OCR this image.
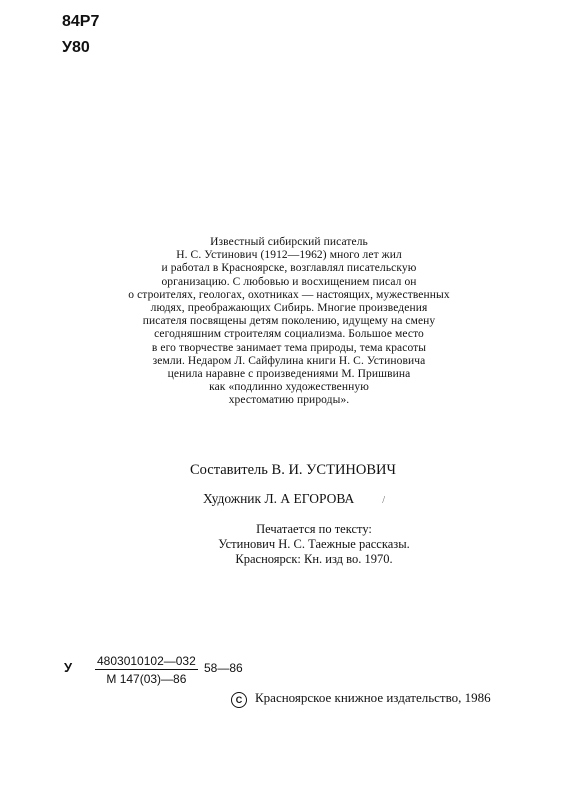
84Р7
У80
Известный сибирский писатель
Н. С. Устинович (1912—1962) много лет жил
и работал в Красноярске, возглавлял писательскую
организацию. С любовью и восхищением писал он
о строителях, геологах, охотниках — настоящих, мужественных
людях, преображающих Сибирь. Многие произведения
писателя посвящены детям поколению, идущему на смену
сегодняшним строителям социализма. Большое место
в его творчестве занимает тема природы, тема красоты
земли. Недаром Л. Сайфулина книги Н. С. Устиновича
ценила наравне с произведениями М. Пришвина
как «подлинно художественную
хрестоматию природы».
Составитель В. И. УСТИНОВИЧ
Художник Л. А ЕГОРОВА	/
Печатается по тексту:
Устинович Н. С. Таежные рассказы.
Красноярск: Кн. изд во. 1970.
У 4803010102—032
М 147(03)—86
58—86
С Красноярское книжное издательство, 1986
